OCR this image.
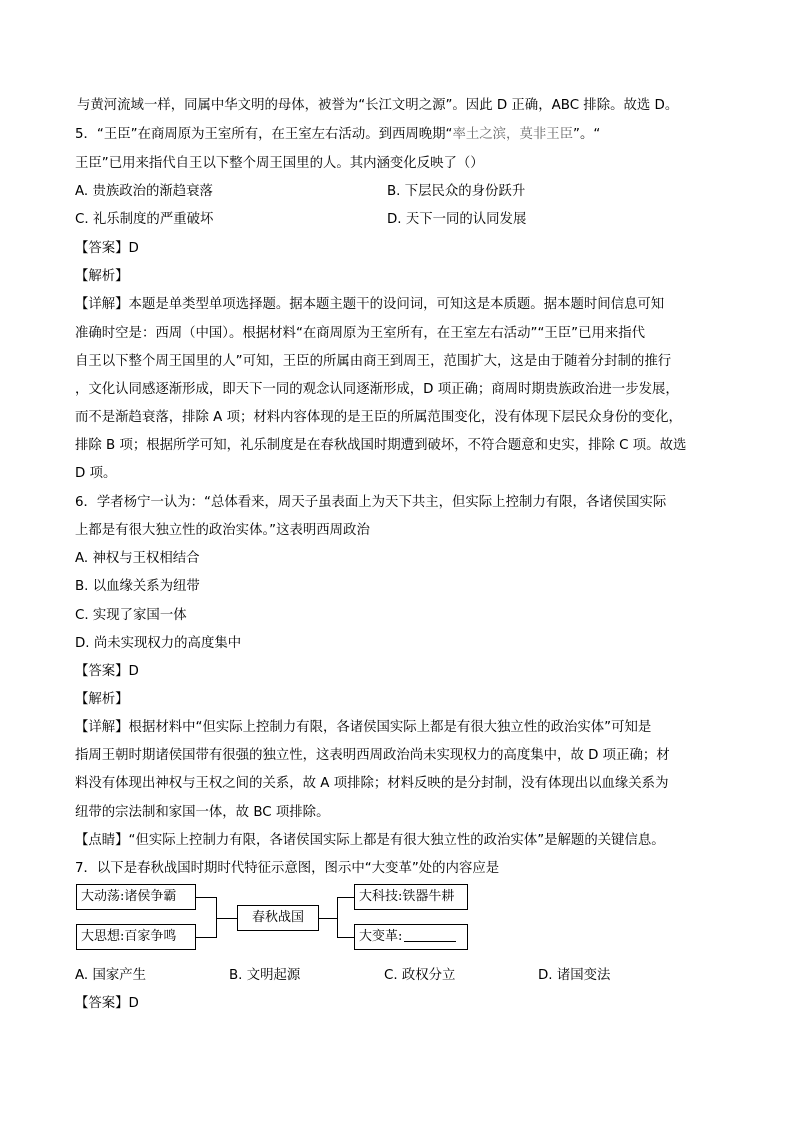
与黄河流域一样，同属中华文明的母体，被誉为“长江文明之源”。因此 D 正确，ABC 排除。故选 D。
5．“王臣”在商周原为王室所有，在王室左右活动。到西周晚期“率土之滨，莫非王臣”。“
王臣”已用来指代自王以下整个周王国里的人。其内涵变化反映了（）
A. 贵族政治的渐趋衰落	B. 下层民众的身份跃升
C. 礼乐制度的严重破坏	D. 天下一同的认同发展
【答案】D
【解析】
【详解】本题是单类型单项选择题。据本题主题干的设问词，可知这是本质题。据本题时间信息可知
准确时空是：西周（中国）。根据材料“在商周原为王室所有，在王室左右活动”“王臣”已用来指代
自王以下整个周王国里的人”可知，王臣的所属由商王到周王，范围扩大，这是由于随着分封制的推行
，文化认同感逐渐形成，即天下一同的观念认同逐渐形成，D 项正确；商周时期贵族政治进一步发展，
而不是渐趋衰落，排除 A 项；材料内容体现的是王臣的所属范围变化，没有体现下层民众身份的变化，
排除 B 项；根据所学可知，礼乐制度是在春秋战国时期遭到破坏，不符合题意和史实，排除 C 项。故选
D 项。
6．学者杨宁一认为：“总体看来，周天子虽表面上为天下共主，但实际上控制力有限，各诸侯国实际
上都是有很大独立性的政治实体。”这表明西周政治
A. 神权与王权相结合
B. 以血缘关系为纽带
C. 实现了家国一体
D. 尚未实现权力的高度集中
【答案】D
【解析】
【详解】根据材料中“但实际上控制力有限，各诸侯国实际上都是有很大独立性的政治实体”可知是
指周王朝时期诸侯国带有很强的独立性，这表明西周政治尚未实现权力的高度集中，故 D 项正确；材
料没有体现出神权与王权之间的关系，故 A 项排除；材料反映的是分封制，没有体现出以血缘关系为
纽带的宗法制和家国一体，故 BC 项排除。
【点睛】“但实际上控制力有限，各诸侯国实际上都是有很大独立性的政治实体”是解题的关键信息。
7．以下是春秋战国时期时代特征示意图，图示中“大变革”处的内容应是
大动荡:诸侯争霸
大思想:百家争鸣
春秋战国
大科技:铁器牛耕
大变革:
A. 国家产生	B. 文明起源	C. 政权分立	D. 诸国变法
【答案】D
